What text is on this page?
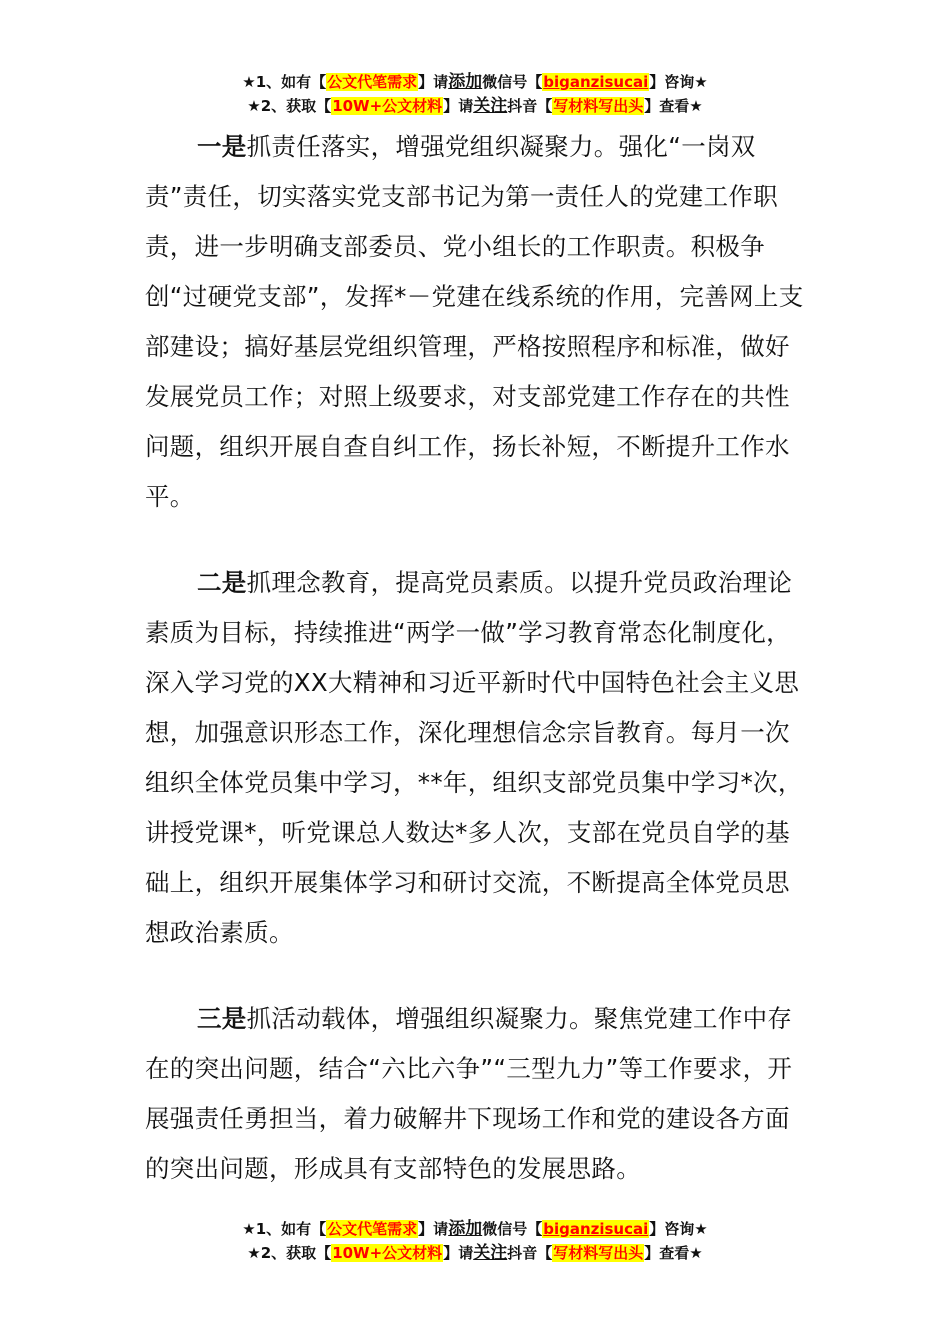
★1、如有【公文代笔需求】请添加微信号【biganzisucai】咨询★
★2、获取【10W+公文材料】请关注抖音【写材料写出头】查看★

一是抓责任落实，增强党组织凝聚力。强化“一岗双责”责任，切实落实党支部书记为第一责任人的党建工作职责，进一步明确支部委员、党小组长的工作职责。积极争创“过硬党支部”，发挥*－党建在线系统的作用，完善网上支部建设；搞好基层党组织管理，严格按照程序和标准，做好发展党员工作；对照上级要求，对支部党建工作存在的共性问题，组织开展自查自纠工作，扬长补短，不断提升工作水平。

二是抓理念教育，提高党员素质。以提升党员政治理论素质为目标，持续推进“两学一做”学习教育常态化制度化，深入学习党的XX大精神和习近平新时代中国特色社会主义思想，加强意识形态工作，深化理想信念宗旨教育。每月一次组织全体党员集中学习，**年，组织支部党员集中学习*次，讲授党课*，听党课总人数达*多人次，支部在党员自学的基础上，组织开展集体学习和研讨交流，不断提高全体党员思想政治素质。

三是抓活动载体，增强组织凝聚力。聚焦党建工作中存在的突出问题，结合“六比六争”“三型九力”等工作要求，开展强责任勇担当，着力破解井下现场工作和党的建设各方面的突出问题，形成具有支部特色的发展思路。

★1、如有【公文代笔需求】请添加微信号【biganzisucai】咨询★
★2、获取【10W+公文材料】请关注抖音【写材料写出头】查看★
